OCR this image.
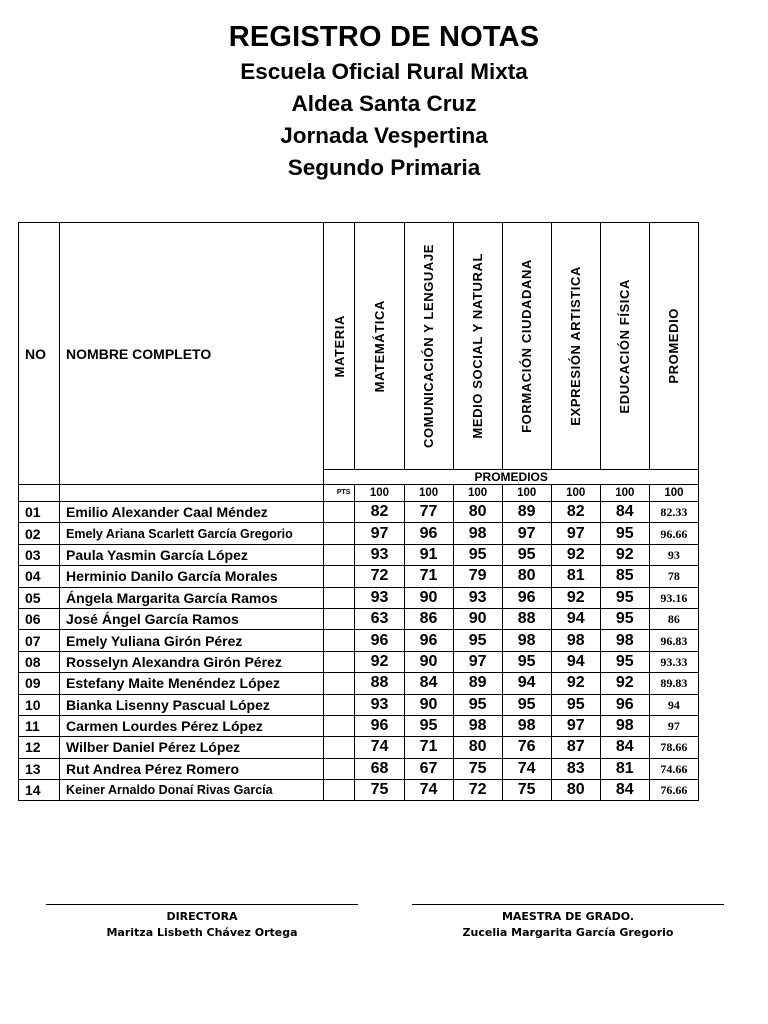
REGISTRO DE NOTAS
Escuela Oficial Rural Mixta
Aldea Santa Cruz
Jornada Vespertina
Segundo Primaria
NO	NOMBRE COMPLETO	MATERIA	MATEMÁTICA	COMUNICACIÓN Y LENGUAJE	MEDIO SOCIAL Y NATURAL	FORMACIÓN CIUDADANA	EXPRESIÓN ARTISTICA	EDUCACIÓN FÍSICA	PROMEDIO

		PROMEDIOS							
		PTS	100	100	100	100	100	100	100
01	Emilio Alexander Caal Méndez		82	77	80	89	82	84	82.33
02	Emely Ariana Scarlett García Gregorio		97	96	98	97	97	95	96.66
03	Paula Yasmin García López		93	91	95	95	92	92	93
04	Herminio Danilo García Morales		72	71	79	80	81	85	78
05	Ángela Margarita García Ramos		93	90	93	96	92	95	93.16
06	José Ángel García Ramos		63	86	90	88	94	95	86
07	Emely Yuliana Girón Pérez		96	96	95	98	98	98	96.83
08	Rosselyn Alexandra Girón Pérez		92	90	97	95	94	95	93.33
09	Estefany Maite Menéndez López		88	84	89	94	92	92	89.83
10	Bianka Lisenny Pascual López		93	90	95	95	95	96	94
11	Carmen Lourdes Pérez López		96	95	98	98	97	98	97
12	Wilber Daniel Pérez López		74	71	80	76	87	84	78.66
13	Rut Andrea Pérez Romero		68	67	75	74	83	81	74.66
14	Keiner Arnaldo Donaí Rivas García		75	74	72	75	80	84	76.66
DIRECTORA
Maritza Lisbeth Chávez Ortega
MAESTRA DE GRADO.
Zucelia Margarita García Gregorio
